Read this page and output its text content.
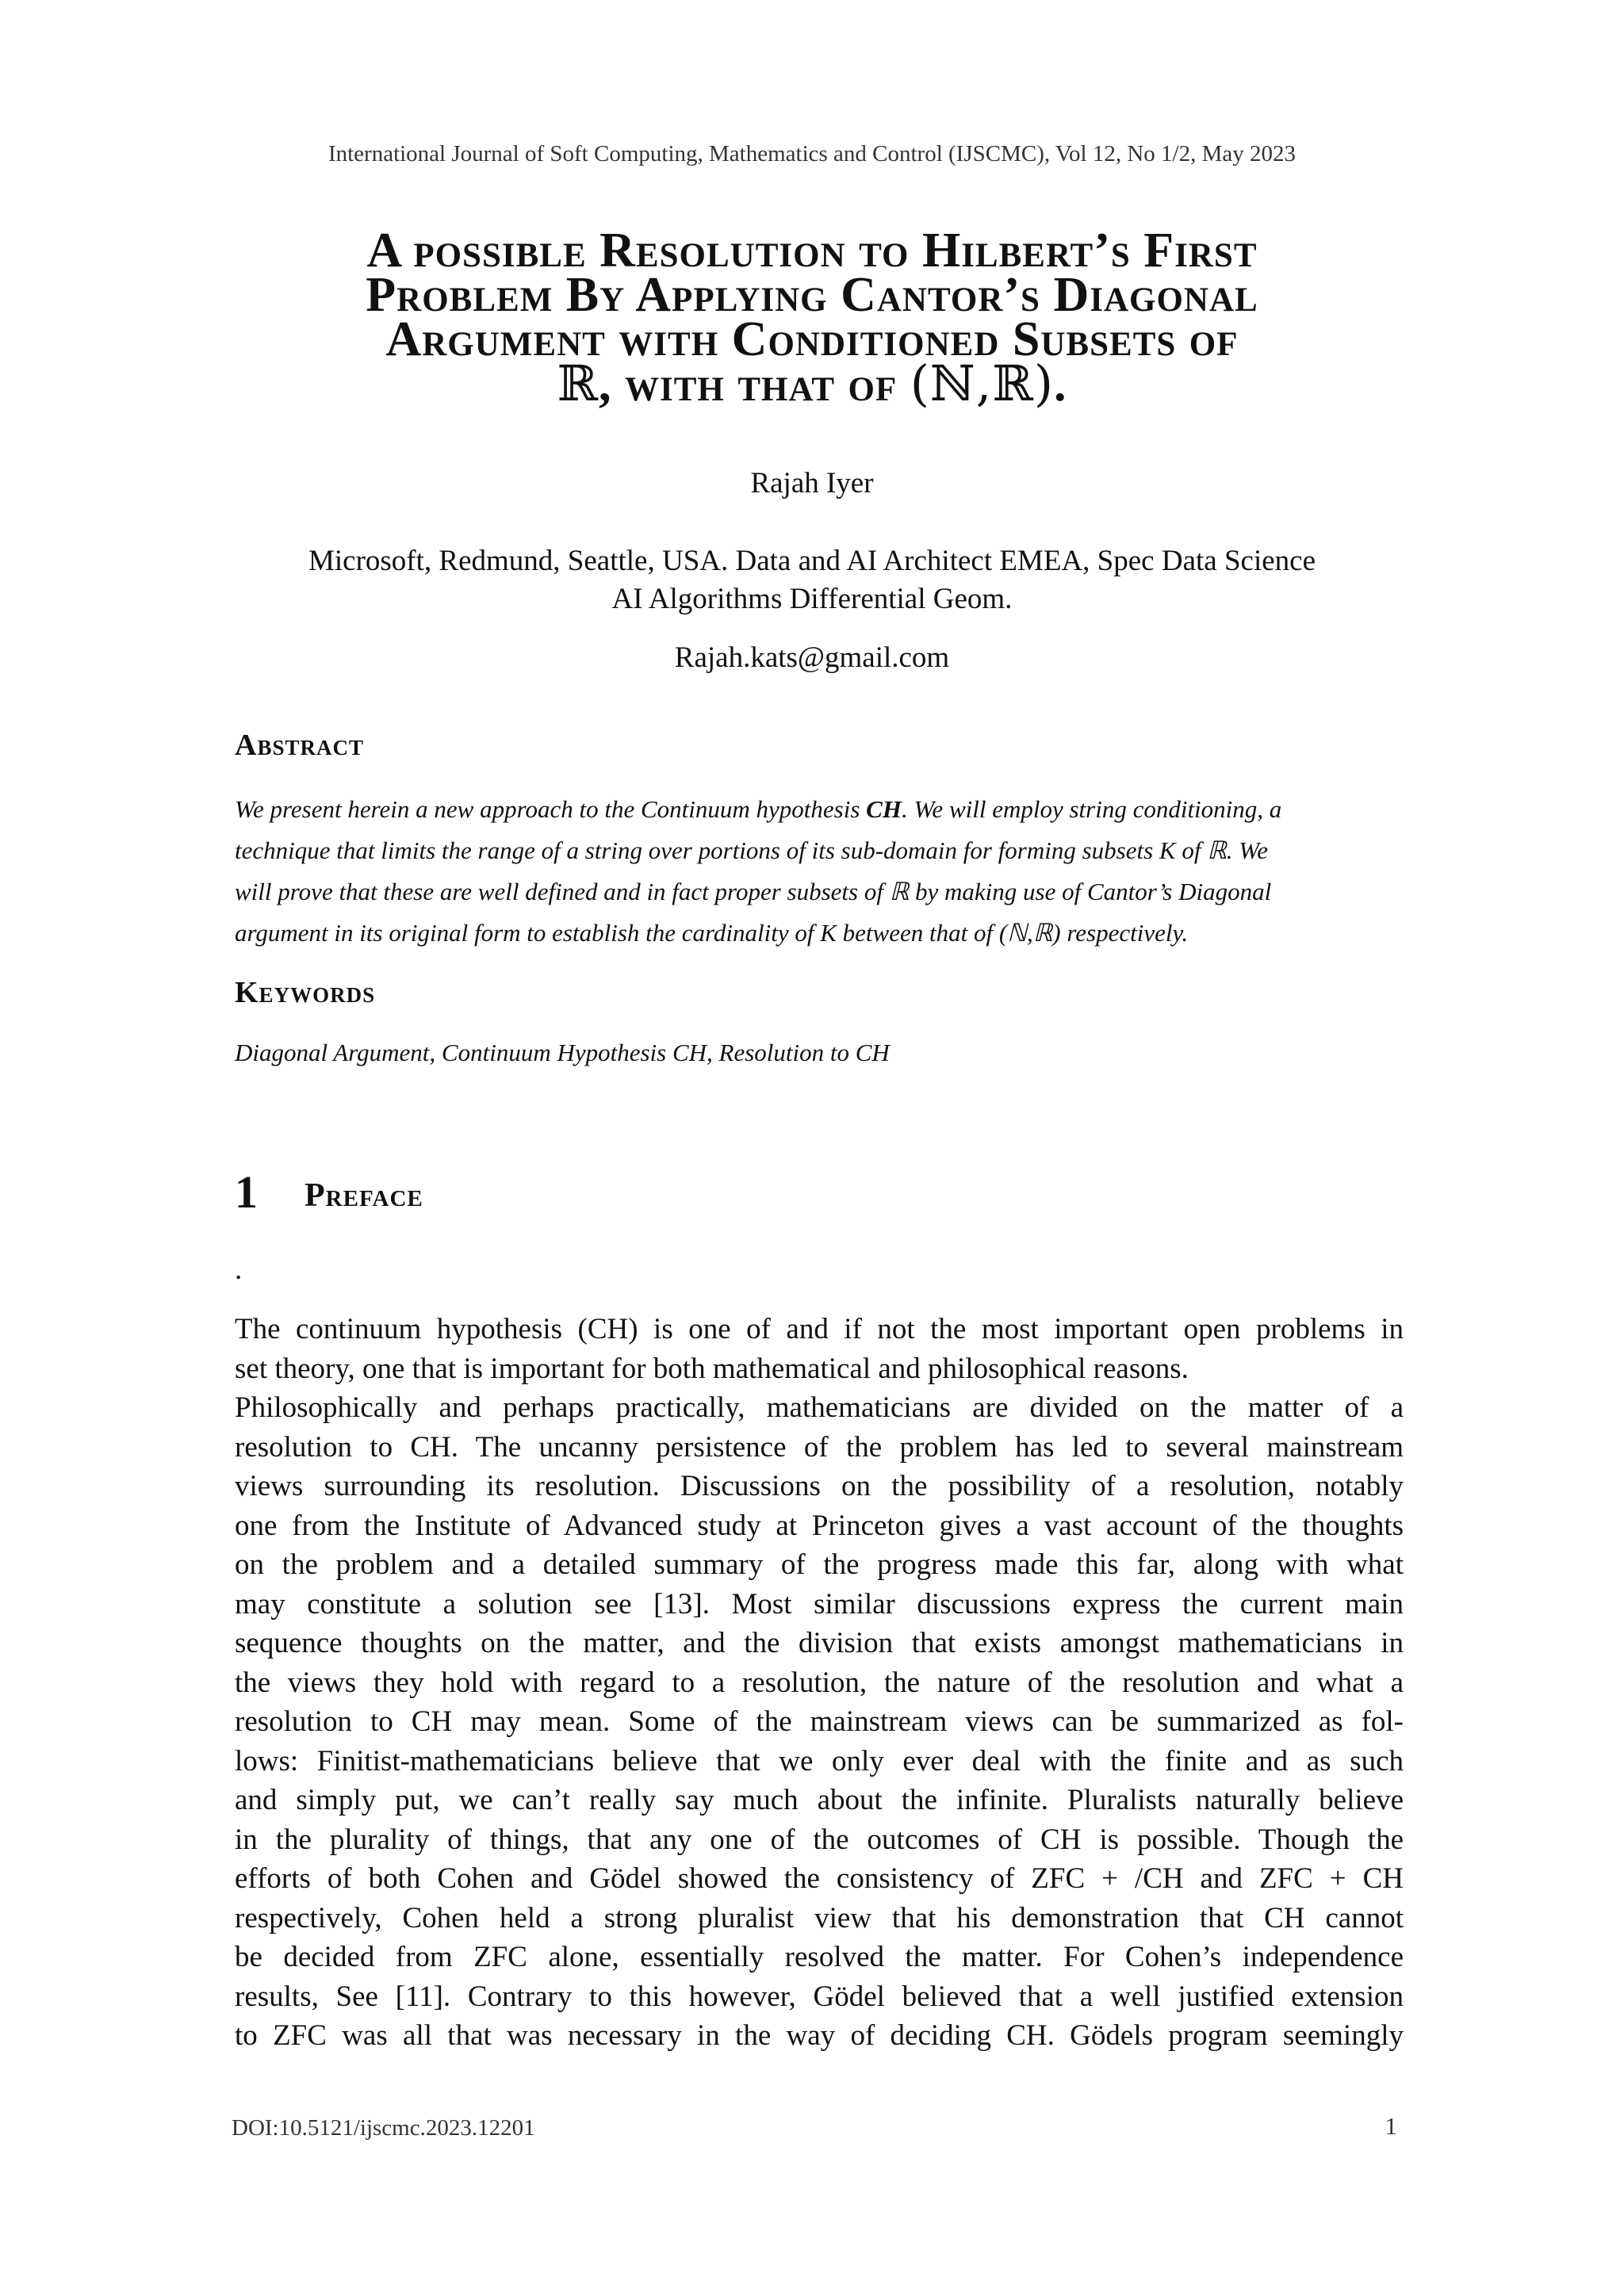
International Journal of Soft Computing, Mathematics and Control (IJSCMC), Vol 12, No 1/2, May 2023
A possible Resolution to Hilbert’s First
Problem By Applying Cantor’s Diagonal
Argument with Conditioned Subsets of
ℝ, with that of (ℕ,ℝ).
Rajah Iyer
Microsoft, Redmund, Seattle, USA. Data and AI Architect EMEA, Spec Data Science
AI Algorithms Differential Geom.
Rajah.kats@gmail.com
Abstract
We present herein a new approach to the Continuum hypothesis CH. We will employ string conditioning, a
technique that limits the range of a string over portions of its sub-domain for forming subsets K of ℝ. We
will prove that these are well defined and in fact proper subsets of ℝ by making use of Cantor’s Diagonal
argument in its original form to establish the cardinality of K between that of (ℕ,ℝ) respectively.
Keywords
Diagonal Argument, Continuum Hypothesis CH, Resolution to CH
1 Preface
.
The continuum hypothesis (CH) is one of and if not the most important open problems in
set theory, one that is important for both mathematical and philosophical reasons.
Philosophically and perhaps practically, mathematicians are divided on the matter of a
resolution to CH. The uncanny persistence of the problem has led to several mainstream
views surrounding its resolution. Discussions on the possibility of a resolution, notably
one from the Institute of Advanced study at Princeton gives a vast account of the thoughts
on the problem and a detailed summary of the progress made this far, along with what
may constitute a solution see [13]. Most similar discussions express the current main
sequence thoughts on the matter, and the division that exists amongst mathematicians in
the views they hold with regard to a resolution, the nature of the resolution and what a
resolution to CH may mean. Some of the mainstream views can be summarized as fol-
lows: Finitist-mathematicians believe that we only ever deal with the finite and as such
and simply put, we can’t really say much about the infinite. Pluralists naturally believe
in the plurality of things, that any one of the outcomes of CH is possible. Though the
efforts of both Cohen and Gödel showed the consistency of ZFC + /CH and ZFC + CH
respectively, Cohen held a strong pluralist view that his demonstration that CH cannot
be decided from ZFC alone, essentially resolved the matter. For Cohen’s independence
results, See [11]. Contrary to this however, Gödel believed that a well justified extension
to ZFC was all that was necessary in the way of deciding CH. Gödels program seemingly
DOI:10.5121/ijscmc.2023.12201	1
